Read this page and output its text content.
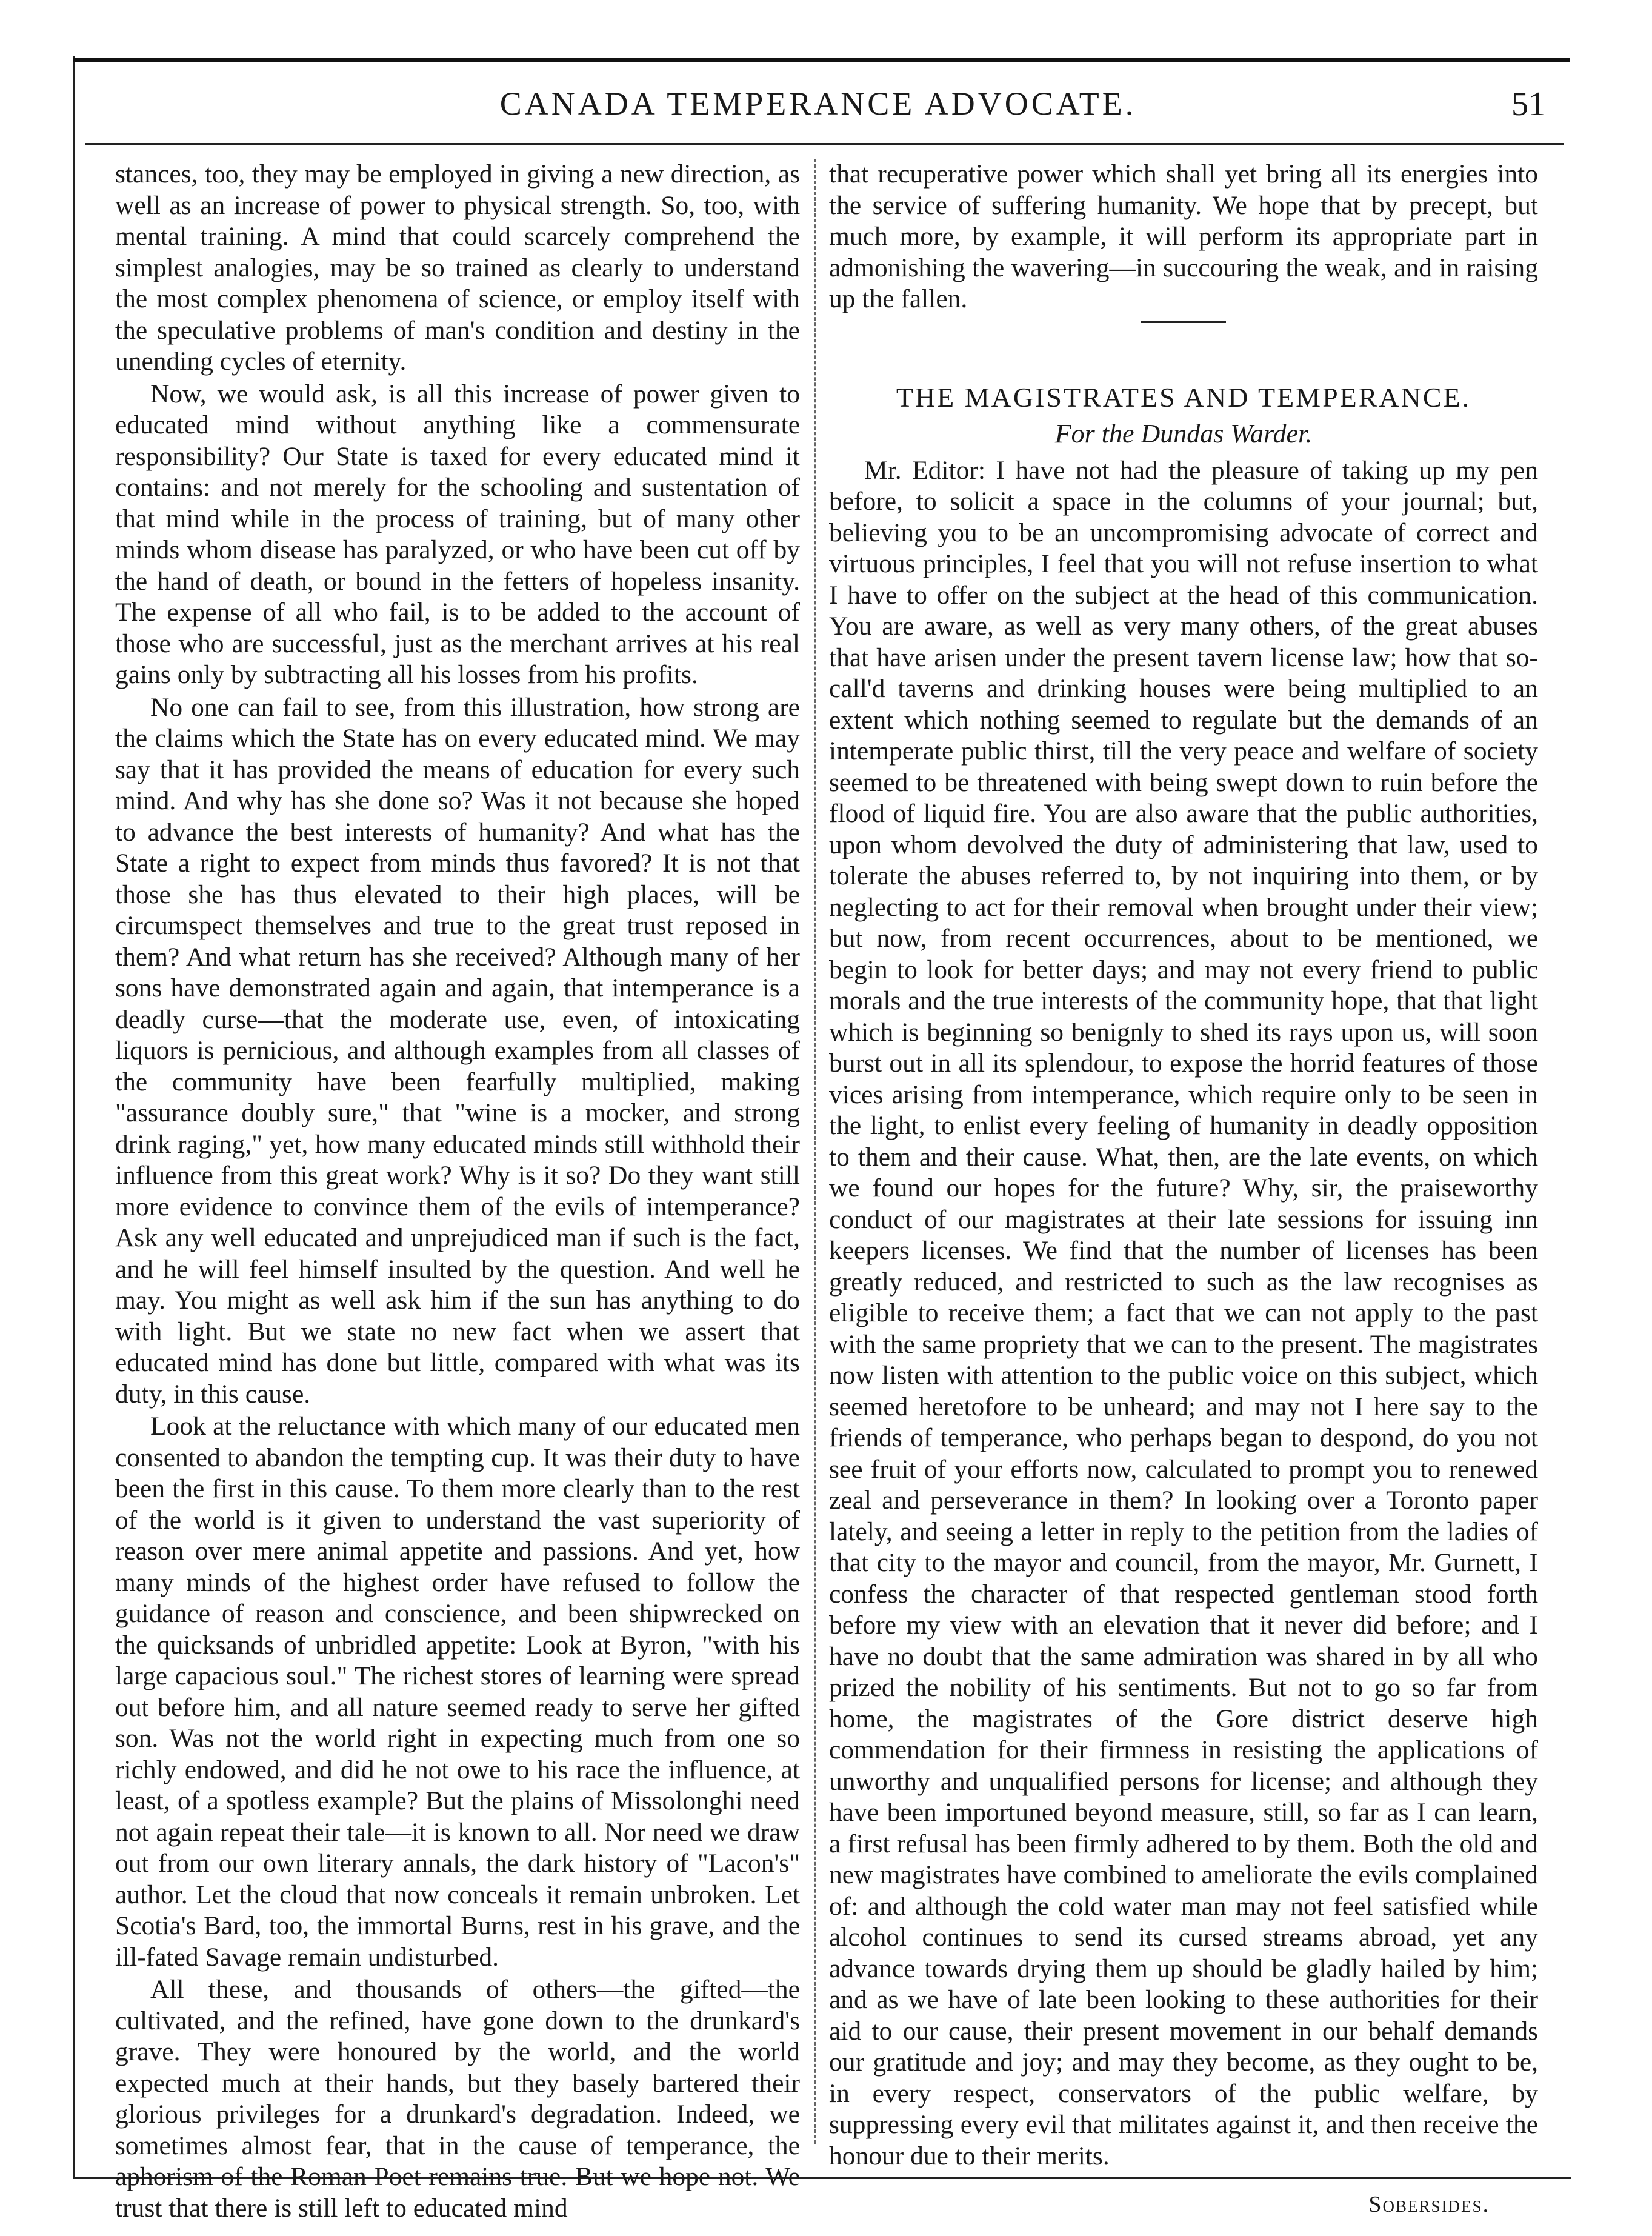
CANADA TEMPERANCE ADVOCATE.	51

stances, too, they may be employed in giving a new direction, as well as an increase of power to physical strength. So, too, with mental training. A mind that could scarcely comprehend the simplest analogies, may be so trained as clearly to understand the most complex phenomena of science, or employ itself with the speculative problems of man's condition and destiny in the unending cycles of eternity.

Now, we would ask, is all this increase of power given to educated mind without anything like a commensurate responsibility? Our State is taxed for every educated mind it contains: and not merely for the schooling and sustentation of that mind while in the process of training, but of many other minds whom disease has paralyzed, or who have been cut off by the hand of death, or bound in the fetters of hopeless insanity. The expense of all who fail, is to be added to the account of those who are successful, just as the merchant arrives at his real gains only by subtracting all his losses from his profits.

No one can fail to see, from this illustration, how strong are the claims which the State has on every educated mind. We may say that it has provided the means of education for every such mind. And why has she done so? Was it not because she hoped to advance the best interests of humanity? And what has the State a right to expect from minds thus favored? It is not that those she has thus elevated to their high places, will be circumspect themselves and true to the great trust reposed in them? And what return has she received? Although many of her sons have demonstrated again and again, that intemperance is a deadly curse—that the moderate use, even, of intoxicating liquors is pernicious, and although examples from all classes of the community have been fearfully multiplied, making "assurance doubly sure," that "wine is a mocker, and strong drink raging," yet, how many educated minds still withhold their influence from this great work? Why is it so? Do they want still more evidence to convince them of the evils of intemperance? Ask any well educated and unprejudiced man if such is the fact, and he will feel himself insulted by the question. And well he may. You might as well ask him if the sun has anything to do with light. But we state no new fact when we assert that educated mind has done but little, compared with what was its duty, in this cause.

Look at the reluctance with which many of our educated men consented to abandon the tempting cup. It was their duty to have been the first in this cause. To them more clearly than to the rest of the world is it given to understand the vast superiority of reason over mere animal appetite and passions. And yet, how many minds of the highest order have refused to follow the guidance of reason and conscience, and been shipwrecked on the quicksands of unbridled appetite: Look at Byron, "with his large capacious soul." The richest stores of learning were spread out before him, and all nature seemed ready to serve her gifted son. Was not the world right in expecting much from one so richly endowed, and did he not owe to his race the influence, at least, of a spotless example? But the plains of Missolonghi need not again repeat their tale—it is known to all. Nor need we draw out from our own literary annals, the dark history of "Lacon's" author. Let the cloud that now conceals it remain unbroken. Let Scotia's Bard, too, the immortal Burns, rest in his grave, and the ill-fated Savage remain undisturbed.

All these, and thousands of others—the gifted—the cultivated, and the refined, have gone down to the drunkard's grave. They were honoured by the world, and the world expected much at their hands, but they basely bartered their glorious privileges for a drunkard's degradation. Indeed, we sometimes almost fear, that in the cause of temperance, the aphorism of the Roman Poet remains true. But we hope not. We trust that there is still left to educated mind

that recuperative power which shall yet bring all its energies into the service of suffering humanity. We hope that by precept, but much more, by example, it will perform its appropriate part in admonishing the wavering—in succouring the weak, and in raising up the fallen.

THE MAGISTRATES AND TEMPERANCE.
For the Dundas Warder.

Mr. Editor: I have not had the pleasure of taking up my pen before, to solicit a space in the columns of your journal; but, believing you to be an uncompromising advocate of correct and virtuous principles, I feel that you will not refuse insertion to what I have to offer on the subject at the head of this communication. You are aware, as well as very many others, of the great abuses that have arisen under the present tavern license law; how that so-call'd taverns and drinking houses were being multiplied to an extent which nothing seemed to regulate but the demands of an intemperate public thirst, till the very peace and welfare of society seemed to be threatened with being swept down to ruin before the flood of liquid fire. You are also aware that the public authorities, upon whom devolved the duty of administering that law, used to tolerate the abuses referred to, by not inquiring into them, or by neglecting to act for their removal when brought under their view; but now, from recent occurrences, about to be mentioned, we begin to look for better days; and may not every friend to public morals and the true interests of the community hope, that that light which is beginning so benignly to shed its rays upon us, will soon burst out in all its splendour, to expose the horrid features of those vices arising from intemperance, which require only to be seen in the light, to enlist every feeling of humanity in deadly opposition to them and their cause. What, then, are the late events, on which we found our hopes for the future? Why, sir, the praiseworthy conduct of our magistrates at their late sessions for issuing inn keepers licenses. We find that the number of licenses has been greatly reduced, and restricted to such as the law recognises as eligible to receive them; a fact that we can not apply to the past with the same propriety that we can to the present. The magistrates now listen with attention to the public voice on this subject, which seemed heretofore to be unheard; and may not I here say to the friends of temperance, who perhaps began to despond, do you not see fruit of your efforts now, calculated to prompt you to renewed zeal and perseverance in them? In looking over a Toronto paper lately, and seeing a letter in reply to the petition from the ladies of that city to the mayor and council, from the mayor, Mr. Gurnett, I confess the character of that respected gentleman stood forth before my view with an elevation that it never did before; and I have no doubt that the same admiration was shared in by all who prized the nobility of his sentiments. But not to go so far from home, the magistrates of the Gore district deserve high commendation for their firmness in resisting the applications of unworthy and unqualified persons for license; and although they have been importuned beyond measure, still, so far as I can learn, a first refusal has been firmly adhered to by them. Both the old and new magistrates have combined to ameliorate the evils complained of: and although the cold water man may not feel satisfied while alcohol continues to send its cursed streams abroad, yet any advance towards drying them up should be gladly hailed by him; and as we have of late been looking to these authorities for their aid to our cause, their present movement in our behalf demands our gratitude and joy; and may they become, as they ought to be, in every respect, conservators of the public welfare, by suppressing every evil that militates against it, and then receive the honour due to their merits.

Sobersides.
